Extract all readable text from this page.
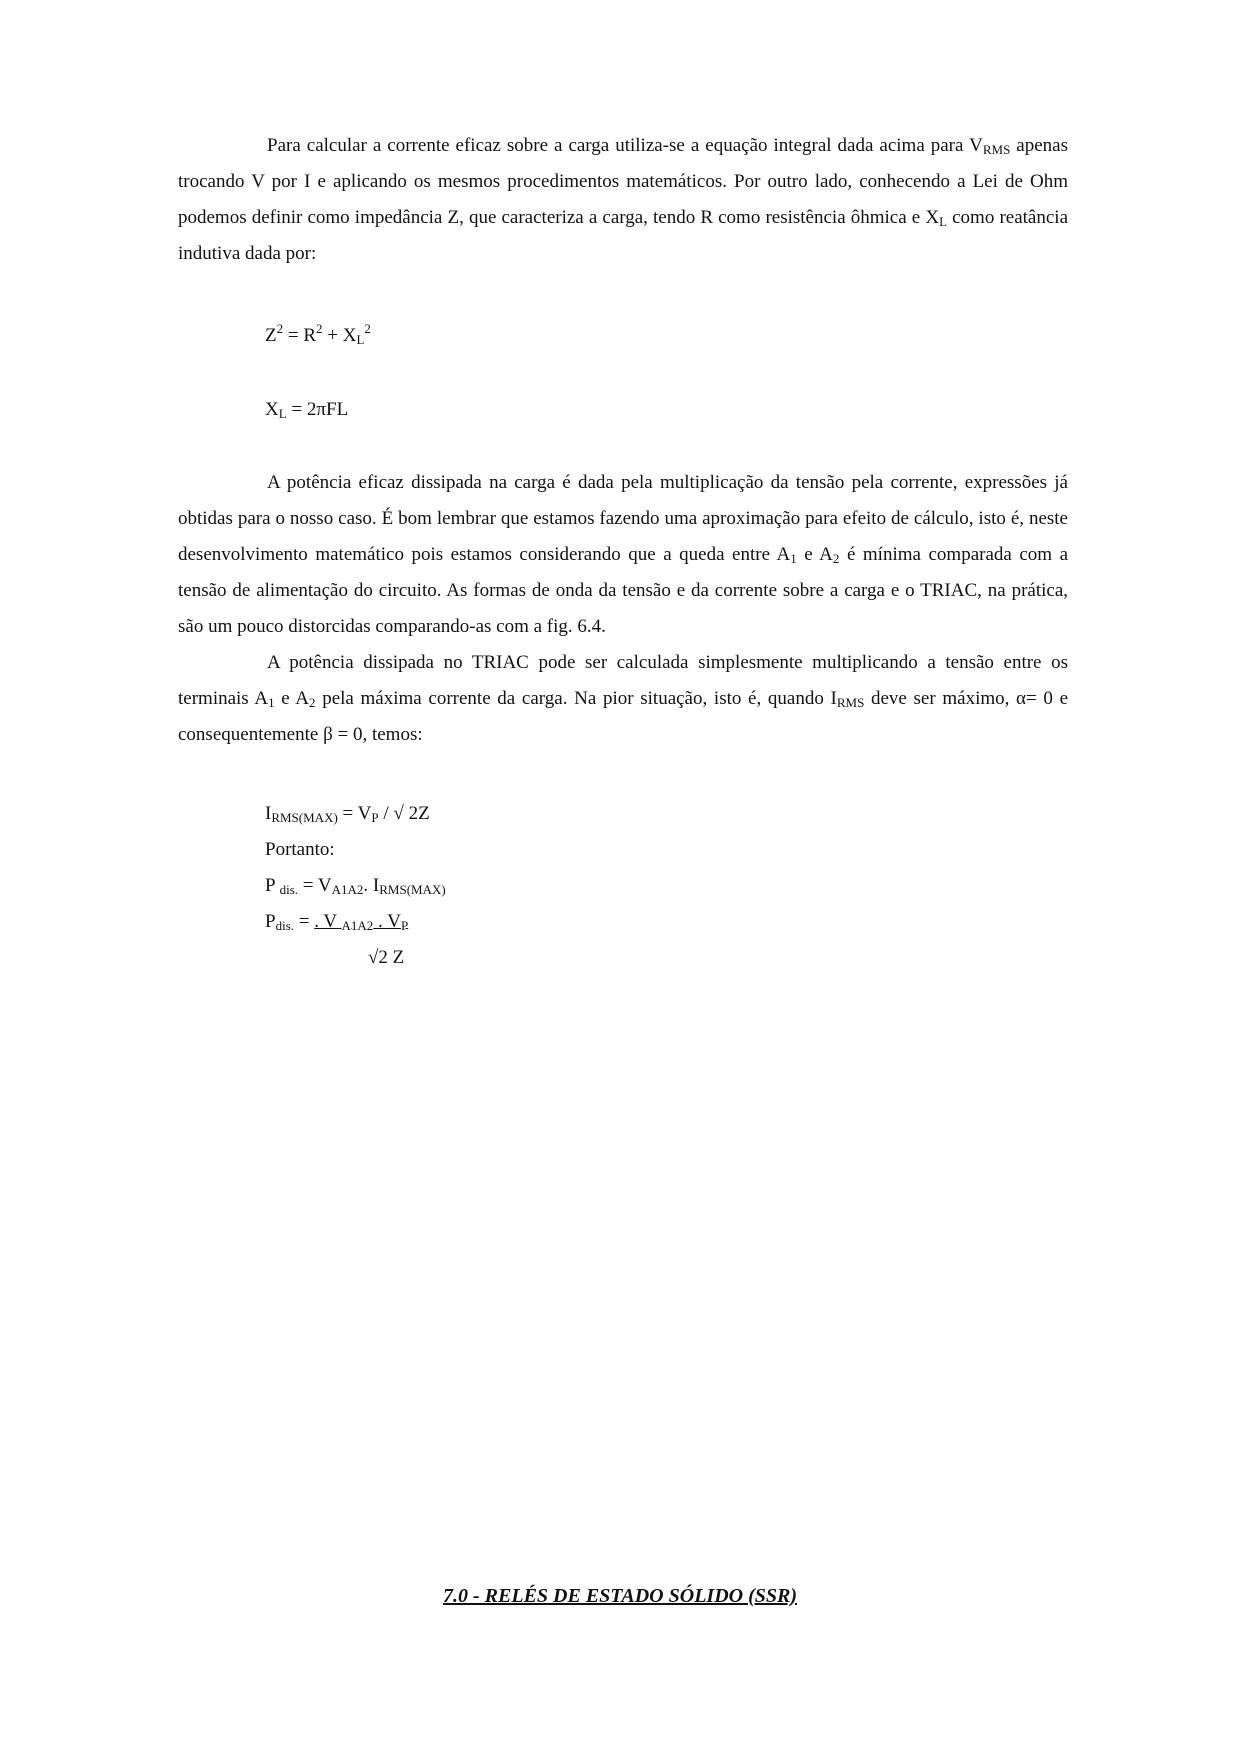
Para calcular a corrente eficaz sobre a carga utiliza-se a equação integral dada acima para $V_{RMS}$ apenas trocando V por I e aplicando os mesmos procedimentos matemáticos. Por outro lado, conhecendo a Lei de Ohm podemos definir como impedância Z, que caracteriza a carga, tendo R como resistência ôhmica e $X_L$ como reatância indutiva dada por:

$Z^2 = R^2 + X_L^2$
$X_L = 2\pi FL$

A potência eficaz dissipada na carga é dada pela multiplicação da tensão pela corrente, expressões já obtidas para o nosso caso. É bom lembrar que estamos fazendo uma aproximação para efeito de cálculo, isto é, neste desenvolvimento matemático pois estamos considerando que a queda entre $A_1$ e $A_2$ é mínima comparada com a tensão de alimentação do circuito. As formas de onda da tensão e da corrente sobre a carga e o TRIAC, na prática, são um pouco distorcidas comparando-as com a fig. 6.4.

A potência dissipada no TRIAC pode ser calculada simplesmente multiplicando a tensão entre os terminais $A_1$ e $A_2$ pela máxima corrente da carga. Na pior situação, isto é, quando $I_{RMS}$ deve ser máximo, α= 0 e consequentemente β = 0, temos:

$I_{RMS(MAX)} = V_P$ / √ 2Z
Portanto:
P $_{dis.} = V_{A1A2}$. $I_{RMS(MAX)}$
$P_{dis.}$ = . V $_{A1A2}$ . $V_P$
√2 Z
7.0 - RELÉS DE ESTADO SÓLIDO (SSR)
